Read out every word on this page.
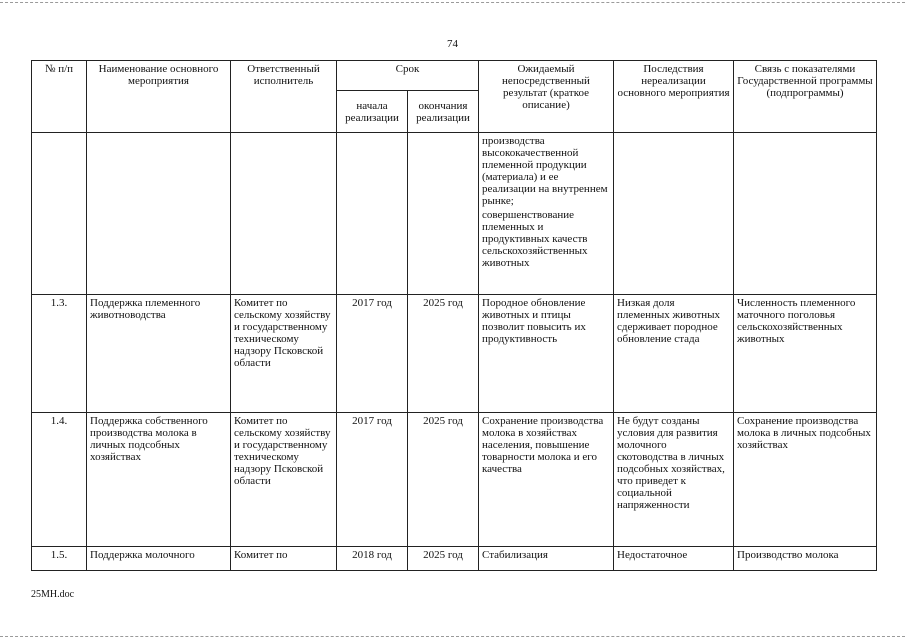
74
№ п/п	Наименование основного мероприятия	Ответственный исполнитель	Срок		Ожидаемый непосредственный результат (краткое описание)	Последствия нереализации основного мероприятия	Связь с показателями Государственной программы (подпрограммы)
			начала реализации	окончания реализации			

					производства высококачественной племенной продукции (материала) и ее реализации на внутреннем рынке;
совершенствование племенных и продуктивных качеств сельскохозяйственных животных		

1.3.	Поддержка племенного животноводства	Комитет по сельскому хозяйству и государственному техническому надзору Псковской области	2017 год	2025 год	Породное обновление животных и птицы позволит повысить их продуктивность	Низкая доля племенных животных сдерживает породное обновление стада	Численность племенного маточного поголовья сельскохозяйственных животных
1.4.	Поддержка собственного производства молока в личных подсобных хозяйствах	Комитет по сельскому хозяйству и государственному техническому надзору Псковской области	2017 год	2025 год	Сохранение производства молока в хозяйствах населения, повышение товарности молока и его качества	Не будут созданы условия для развития молочного скотоводства в личных подсобных хозяйствах, что приведет к социальной напряженности	Сохранение производства молока в личных подсобных хозяйствах
1.5.	Поддержка молочного	Комитет по	2018 год	2025 год	Стабилизация	Недостаточное	Производство молока
25МН.doc
